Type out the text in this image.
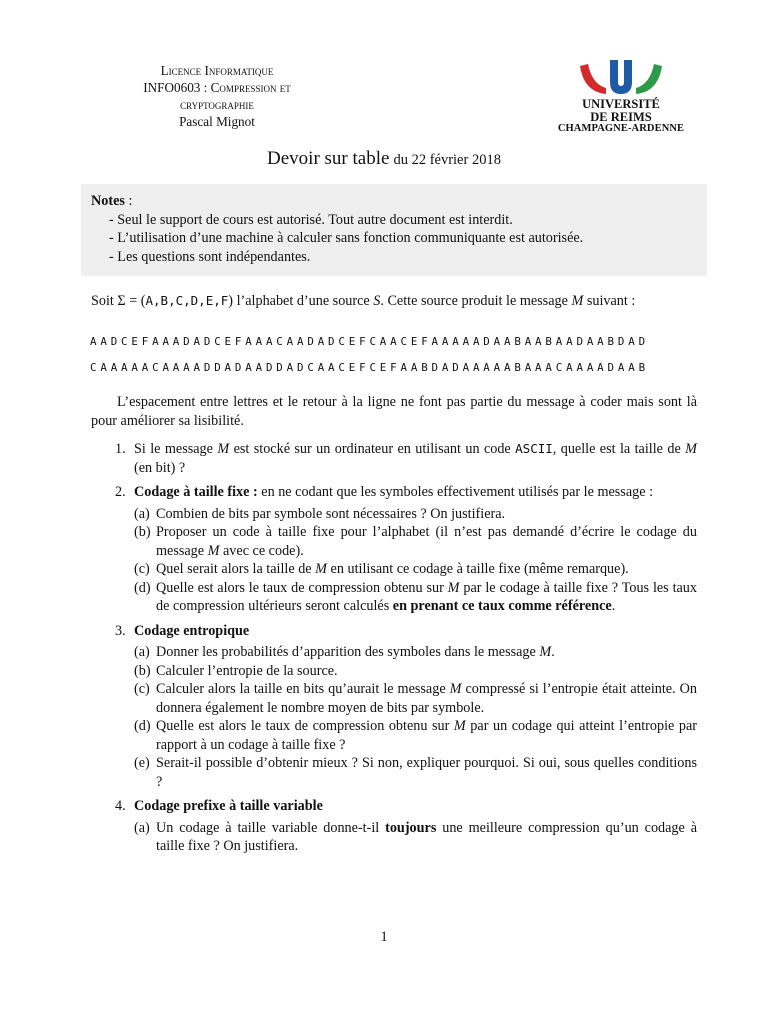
Licence Informatique
INFO0603 : Compression et cryptographie
Pascal Mignot
UNIVERSITÉ
DE REIMS
CHAMPAGNE-ARDENNE
Devoir sur table du 22 février 2018
Notes :
- Seul le support de cours est autorisé. Tout autre document est interdit.
- L’utilisation d’une machine à calculer sans fonction communiquante est autorisée.
- Les questions sont indépendantes.
Soit Σ = (A,B,C,D,E,F) l’alphabet d’une source S. Cette source produit le message M suivant :
AADCEFAAADADCEFAAACAADADCEFCAACEFAAAAADAABAABAADAABDAD
CAAAAACAAAADDADAADDADCAACEFCEFAABDADAAAAABAAACAAAADAAB
L’espacement entre lettres et le retour à la ligne ne font pas partie du message à coder mais sont là pour améliorer sa lisibilité.
1. Si le message M est stocké sur un ordinateur en utilisant un code ASCII, quelle est la taille de M (en bit) ?
2. Codage à taille fixe : en ne codant que les symboles effectivement utilisés par le message :
(a) Combien de bits par symbole sont nécessaires ? On justifiera.
(b) Proposer un code à taille fixe pour l’alphabet (il n’est pas demandé d’écrire le codage du message M avec ce code).
(c) Quel serait alors la taille de M en utilisant ce codage à taille fixe (même remarque).
(d) Quelle est alors le taux de compression obtenu sur M par le codage à taille fixe ? Tous les taux de compression ultérieurs seront calculés en prenant ce taux comme référence.
3. Codage entropique
(a) Donner les probabilités d’apparition des symboles dans le message M.
(b) Calculer l’entropie de la source.
(c) Calculer alors la taille en bits qu’aurait le message M compressé si l’entropie était atteinte. On donnera également le nombre moyen de bits par symbole.
(d) Quelle est alors le taux de compression obtenu sur M par un codage qui atteint l’entropie par rapport à un codage à taille fixe ?
(e) Serait-il possible d’obtenir mieux ? Si non, expliquer pourquoi. Si oui, sous quelles conditions ?
4. Codage prefixe à taille variable
(a) Un codage à taille variable donne-t-il toujours une meilleure compression qu’un codage à taille fixe ? On justifiera.
1
